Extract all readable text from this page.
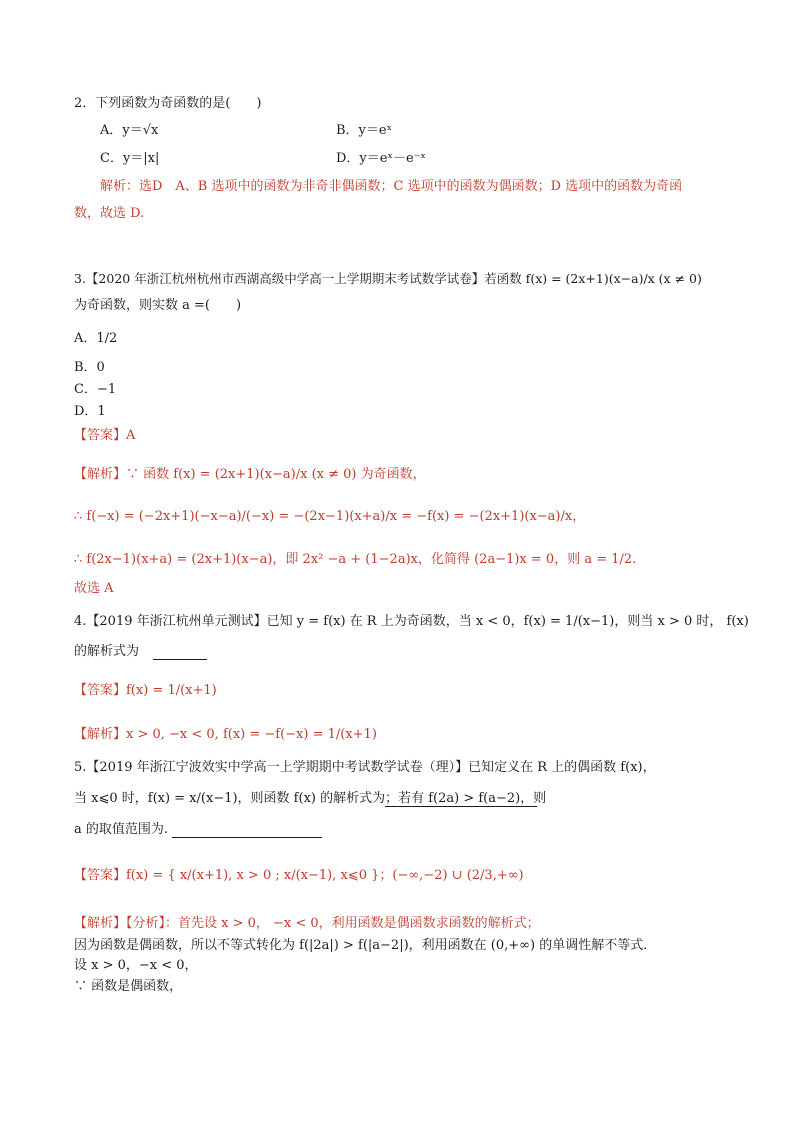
2．下列函数为奇函数的是(　　)
A．y＝√x	B．y＝eˣ
C．y＝|x|	D．y＝eˣ－e⁻ˣ
解析：选D　A、B 选项中的函数为非奇非偶函数；C 选项中的函数为偶函数；D 选项中的函数为奇函
数，故选 D.
3.【2020 年浙江杭州杭州市西湖高级中学高一上学期期末考试数学试卷】若函数 f(x) = (2x+1)(x−a)/x (x ≠ 0)
为奇函数，则实数 a =(　　)
A．1/2
B．0
C．−1
D．1
【答案】A
【解析】∵ 函数 f(x) = (2x+1)(x−a)/x (x ≠ 0) 为奇函数，
∴ f(−x) = (−2x+1)(−x−a)/(−x) = −(2x−1)(x+a)/x = −f(x) = −(2x+1)(x−a)/x，
∴ f(2x−1)(x+a) = (2x+1)(x−a)，即 2x² −a + (1−2a)x，化简得 (2a−1)x = 0，则 a = 1/2.
故选 A
4.【2019 年浙江杭州单元测试】已知 y = f(x) 在 R 上为奇函数，当 x < 0，f(x) = 1/(x−1)，则当 x > 0 时， f(x)
的解析式为
【答案】f(x) = 1/(x+1)
【解析】x > 0, −x < 0, f(x) = −f(−x) = 1/(x+1)
5.【2019 年浙江宁波效实中学高一上学期期中考试数学试卷（理）】已知定义在 R 上的偶函数 f(x)，
当 x⩽0 时，f(x) = x/(x−1)，则函数 f(x) 的解析式为；若有 f(2a) > f(a−2)，则
a 的取值范围为.
【答案】f(x) = { x/(x+1), x > 0 ; x/(x−1), x⩽0 }；(−∞,−2) ∪ (2/3,+∞)
【解析】【分析】：首先设 x > 0， −x < 0，利用函数是偶函数求函数的解析式；
因为函数是偶函数，所以不等式转化为 f(|2a|) > f(|a−2|)，利用函数在 (0,+∞) 的单调性解不等式．
设 x > 0，−x < 0，
∵ 函数是偶函数，
